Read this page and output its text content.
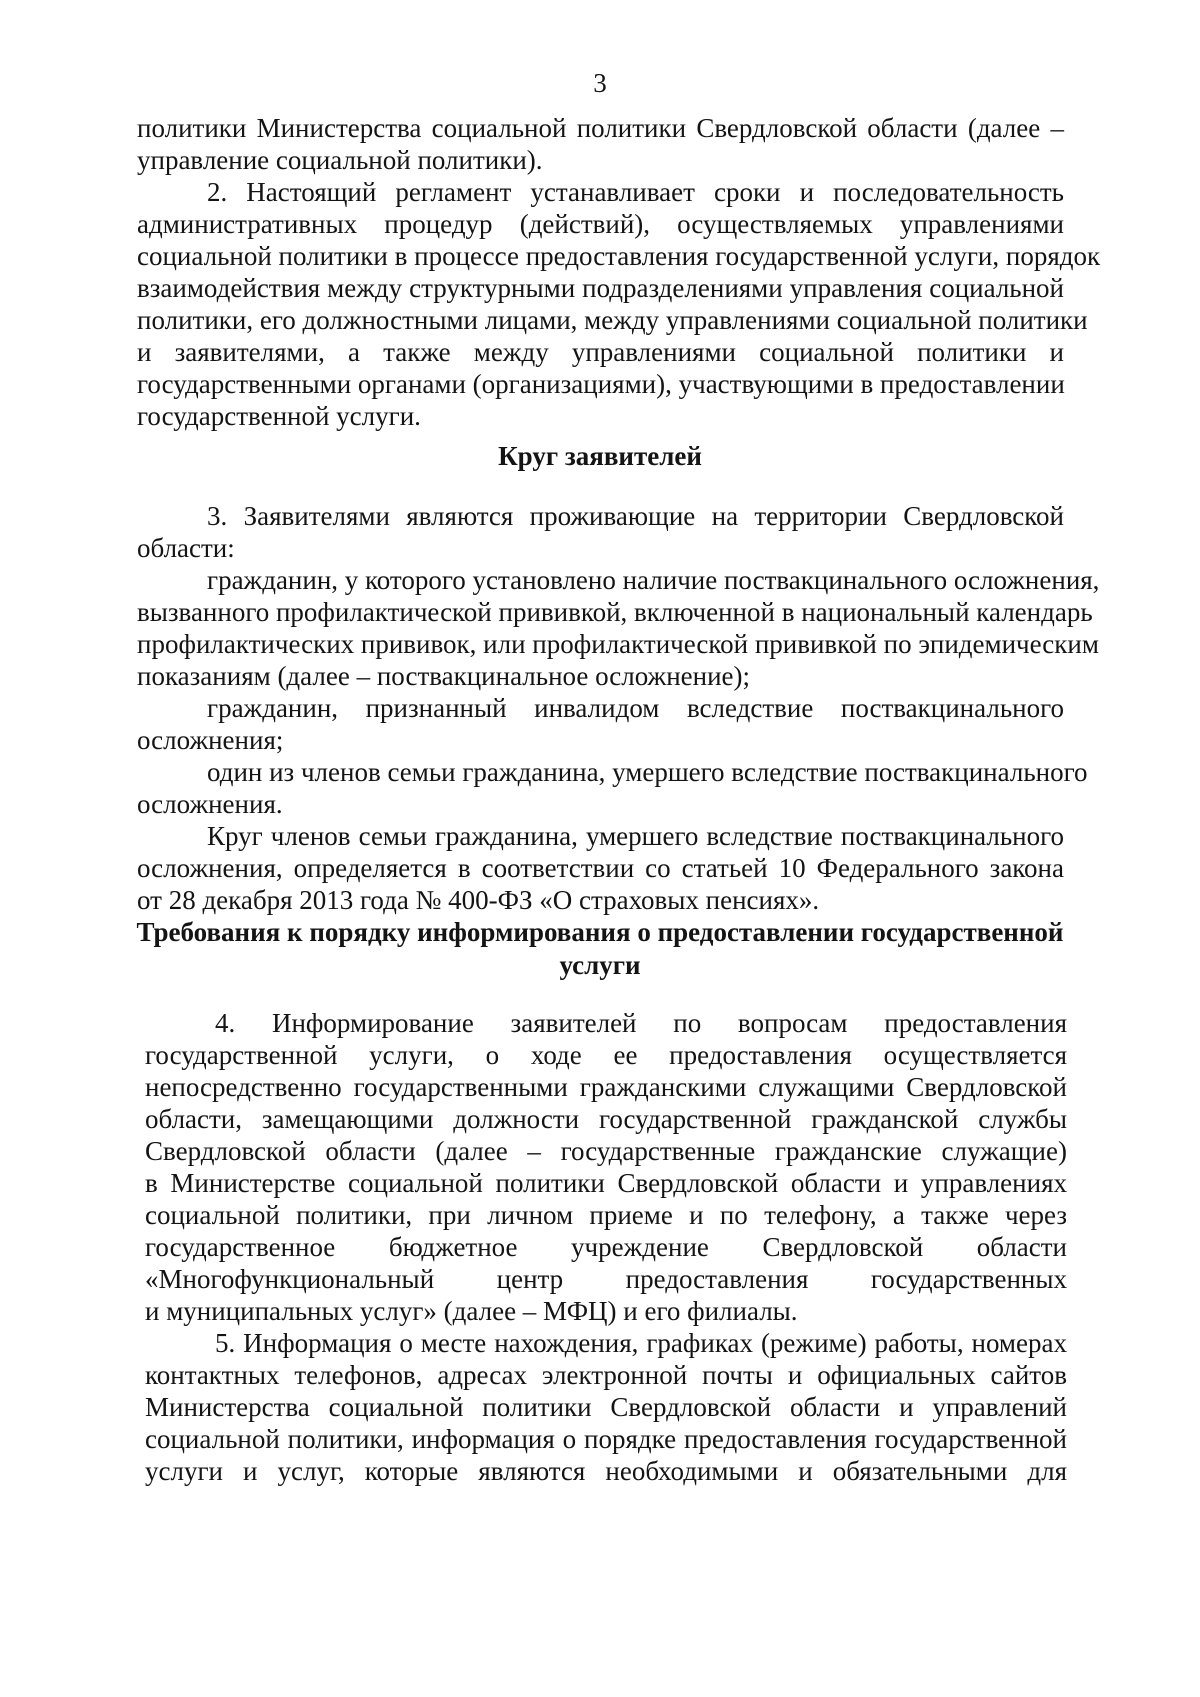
3
политики Министерства социальной политики Свердловской области (далее –
управление социальной политики).
2. Настоящий регламент устанавливает сроки и последовательность
административных процедур (действий), осуществляемых управлениями
социальной политики в процессе предоставления государственной услуги, порядок
взаимодействия между структурными подразделениями управления социальной
политики, его должностными лицами, между управлениями социальной политики
и заявителями, а также между управлениями социальной политики и
государственными органами (организациями), участвующими в предоставлении
государственной услуги.
Круг заявителей
3. Заявителями являются проживающие на территории Свердловской
области:
гражданин, у которого установлено наличие поствакцинального осложнения,
вызванного профилактической прививкой, включенной в национальный календарь
профилактических прививок, или профилактической прививкой по эпидемическим
показаниям (далее – поствакцинальное осложнение);
гражданин, признанный инвалидом вследствие поствакцинального
осложнения;
один из членов семьи гражданина, умершего вследствие поствакцинального
осложнения.
Круг членов семьи гражданина, умершего вследствие поствакцинального
осложнения, определяется в соответствии со статьей 10 Федерального закона
от 28 декабря 2013 года № 400-ФЗ «О страховых пенсиях».
Требования к порядку информирования о предоставлении государственной
услуги
4. Информирование заявителей по вопросам предоставления
государственной услуги, о ходе ее предоставления осуществляется
непосредственно государственными гражданскими служащими Свердловской
области, замещающими должности государственной гражданской службы
Свердловской области (далее – государственные гражданские служащие)
в Министерстве социальной политики Свердловской области и управлениях
социальной политики, при личном приеме и по телефону, а также через
государственное бюджетное учреждение Свердловской области
«Многофункциональный центр предоставления государственных
и муниципальных услуг» (далее – МФЦ) и его филиалы.
5. Информация о месте нахождения, графиках (режиме) работы, номерах
контактных телефонов, адресах электронной почты и официальных сайтов
Министерства социальной политики Свердловской области и управлений
социальной политики, информация о порядке предоставления государственной
услуги и услуг, которые являются необходимыми и обязательными для
